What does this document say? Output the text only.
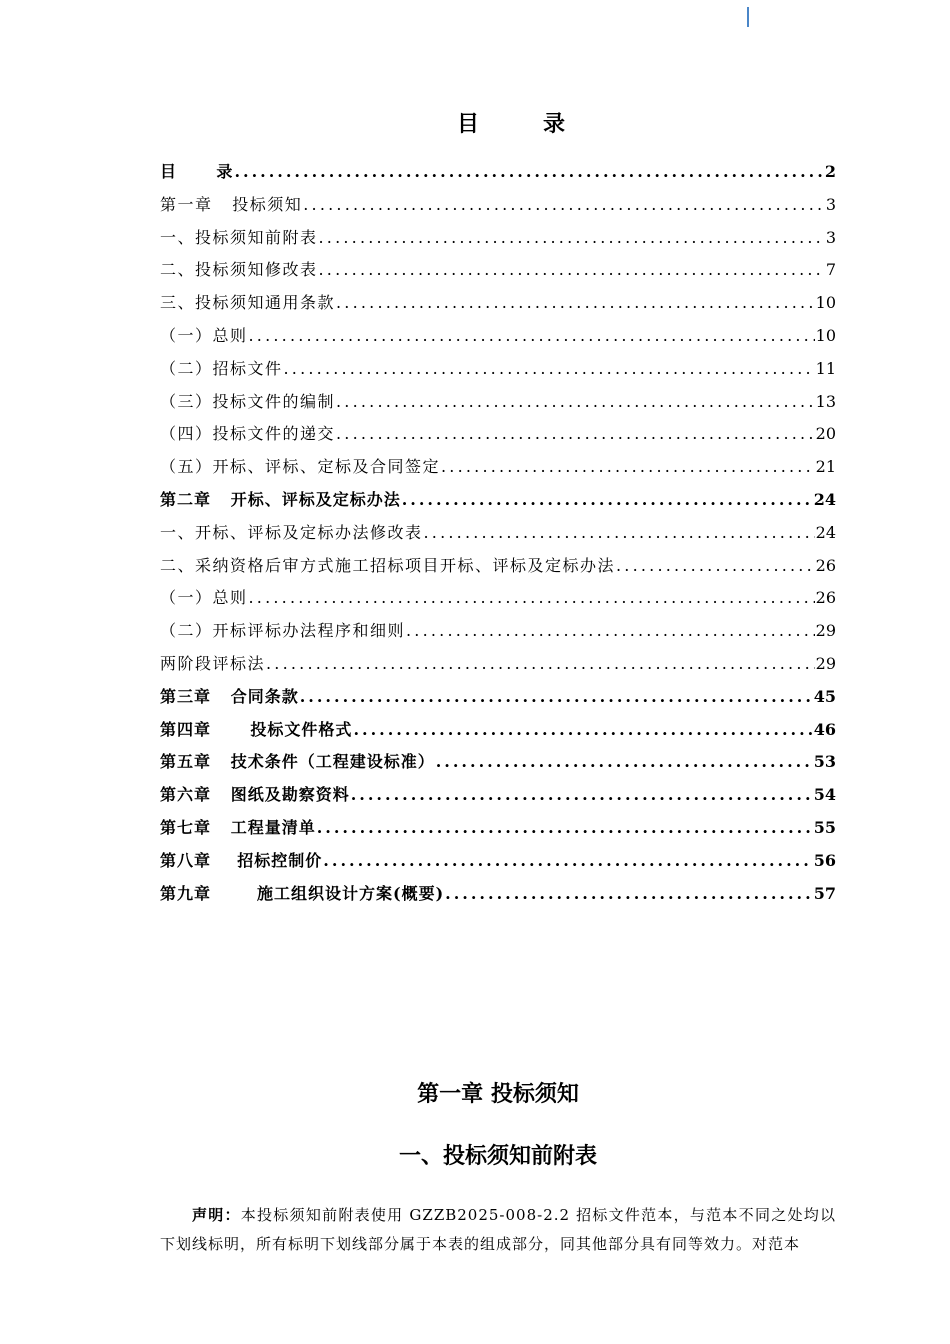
目	录
目      录 .....	2
第一章   投标须知 .....	3
一、投标须知前附表 .....	3
二、投标须知修改表 .....	7
三、投标须知通用条款 .....	10
（一）总则 .....	10
（二）招标文件 .....	11
（三）投标文件的编制 .....	13
（四）投标文件的递交 .....	20
（五）开标、评标、定标及合同签定 .....	21
第二章   开标、评标及定标办法 .....	24
一、开标、评标及定标办法修改表 .....	24
二、采纳资格后审方式施工招标项目开标、评标及定标办法 .....	26
（一）总则 .....	26
（二）开标评标办法程序和细则 .....	29
两阶段评标法 .....	29
第三章   合同条款 .....	45
第四章      投标文件格式 .....	46
第五章   技术条件（工程建设标准） .....	53
第六章   图纸及勘察资料 .....	54
第七章   工程量清单 .....	55
第八章    招标控制价 .....	56
第九章       施工组织设计方案(概要) .....	57
第一章 投标须知
一、投标须知前附表

声明：本投标须知前附表使用 GZZB2025-008-2.2 招标文件范本，与范本不同之处均以下划线标明，所有标明下划线部分属于本表的组成部分，同其他部分具有同等效力。对范本
